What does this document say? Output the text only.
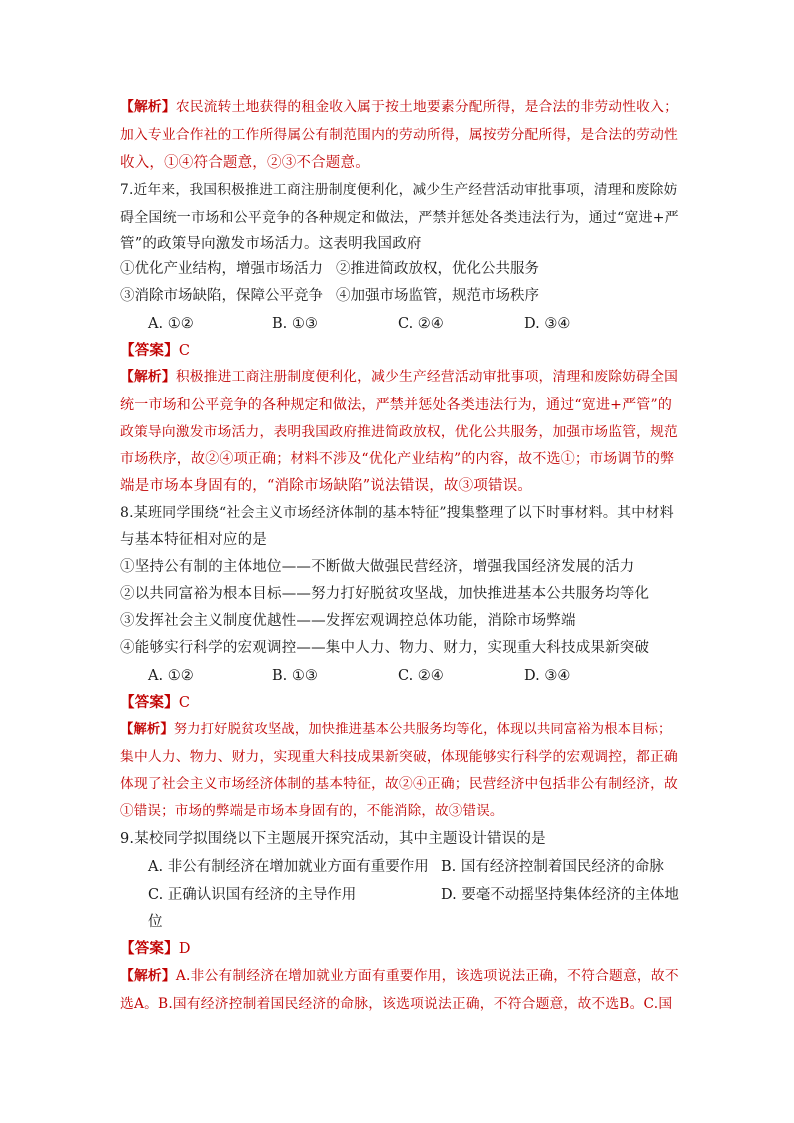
【解析】农民流转土地获得的租金收入属于按土地要素分配所得，是合法的非劳动性收入；
加入专业合作社的工作所得属公有制范围内的劳动所得，属按劳分配所得，是合法的劳动性
收入，①④符合题意，②③不合题意。
7.近年来，我国积极推进工商注册制度便利化，减少生产经营活动审批事项，清理和废除妨
碍全国统一市场和公平竞争的各种规定和做法，严禁并惩处各类违法行为，通过“宽进+严
管”的政策导向激发市场活力。这表明我国政府
①优化产业结构，增强市场活力 ②推进简政放权，优化公共服务
③消除市场缺陷，保障公平竞争 ④加强市场监管，规范市场秩序
A. ①②	B. ①③	C. ②④	D. ③④
【答案】C
【解析】积极推进工商注册制度便利化，减少生产经营活动审批事项，清理和废除妨碍全国
统一市场和公平竞争的各种规定和做法，严禁并惩处各类违法行为，通过“宽进+严管”的
政策导向激发市场活力，表明我国政府推进简政放权，优化公共服务，加强市场监管，规范
市场秩序，故②④项正确；材料不涉及“优化产业结构”的内容，故不选①；市场调节的弊
端是市场本身固有的，“消除市场缺陷”说法错误，故③项错误。
8.某班同学围绕“社会主义市场经济体制的基本特征”搜集整理了以下时事材料。其中材料
与基本特征相对应的是
①坚持公有制的主体地位——不断做大做强民营经济，增强我国经济发展的活力
②以共同富裕为根本目标——努力打好脱贫攻坚战，加快推进基本公共服务均等化
③发挥社会主义制度优越性——发挥宏观调控总体功能，消除市场弊端
④能够实行科学的宏观调控——集中人力、物力、财力，实现重大科技成果新突破
A. ①②	B. ①③	C. ②④	D. ③④
【答案】C
【解析】努力打好脱贫攻坚战，加快推进基本公共服务均等化，体现以共同富裕为根本目标；
集中人力、物力、财力，实现重大科技成果新突破，体现能够实行科学的宏观调控，都正确
体现了社会主义市场经济体制的基本特征，故②④正确；民营经济中包括非公有制经济，故
①错误；市场的弊端是市场本身固有的，不能消除，故③错误。
9.某校同学拟围绕以下主题展开探究活动，其中主题设计错误的是
A. 非公有制经济在增加就业方面有重要作用 B. 国有经济控制着国民经济的命脉
C. 正确认识国有经济的主导作用	D. 要毫不动摇坚持集体经济的主体地
位
【答案】D
【解析】A.非公有制经济在增加就业方面有重要作用，该选项说法正确，不符合题意，故不
选A。B.国有经济控制着国民经济的命脉，该选项说法正确，不符合题意，故不选B。C.国
